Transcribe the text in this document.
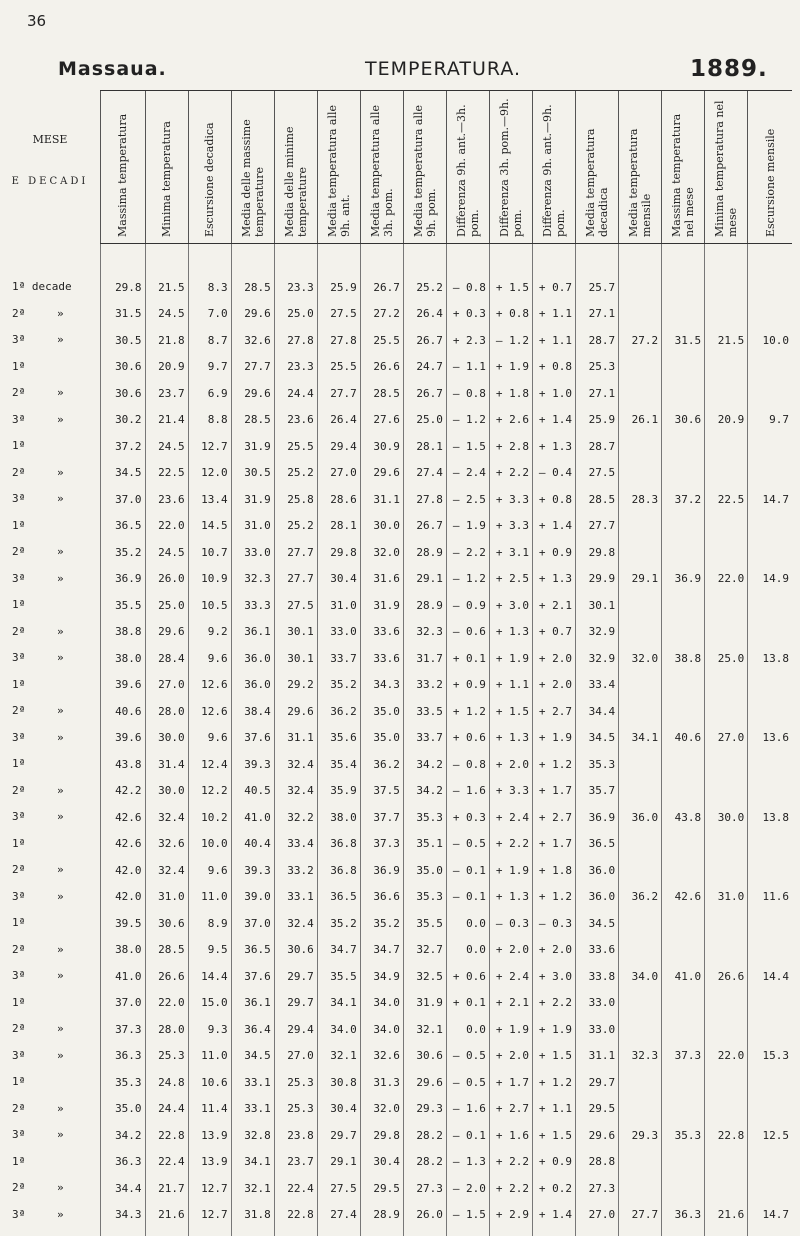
36
Massaua.	TEMPERATURA.	1889.
MESE
E DECADI	Massima temperatura	Minima temperatura	Escursione decadica	Media delle massime temperature	Media delle minime temperature	Media temperatura alle 9h. ant.	Media temperatura alle 3h. pom.	Media temperatura alle 9h. pom.	Differenza 9h. ant.—3h. pom.	Differenza 3h. pom.—9h. pom.	Differenza 9h. ant.—9h. pom.	Media temperatura decadica	Media temperatura mensile	Massima temperatura nel mese	Minima temperatura nel mese	Escursione mensile

1ª decade	29.8	21.5	8.3	28.5	23.3	25.9	26.7	25.2	— 0.8	+ 1.5	+ 0.7	25.7				

2ª »	31.5	24.5	7.0	29.6	25.0	27.5	27.2	26.4	+ 0.3	+ 0.8	+ 1.1	27.1				

3ª »	30.5	21.8	8.7	32.6	27.8	27.8	25.5	26.7	+ 2.3	— 1.2	+ 1.1	28.7	27.2	31.5	21.5	10.0

1ª	30.6	20.9	9.7	27.7	23.3	25.5	26.6	24.7	— 1.1	+ 1.9	+ 0.8	25.3				

2ª »	30.6	23.7	6.9	29.6	24.4	27.7	28.5	26.7	— 0.8	+ 1.8	+ 1.0	27.1				

3ª »	30.2	21.4	8.8	28.5	23.6	26.4	27.6	25.0	— 1.2	+ 2.6	+ 1.4	25.9	26.1	30.6	20.9	9.7

1ª	37.2	24.5	12.7	31.9	25.5	29.4	30.9	28.1	— 1.5	+ 2.8	+ 1.3	28.7				

2ª »	34.5	22.5	12.0	30.5	25.2	27.0	29.6	27.4	— 2.4	+ 2.2	— 0.4	27.5				

3ª »	37.0	23.6	13.4	31.9	25.8	28.6	31.1	27.8	— 2.5	+ 3.3	+ 0.8	28.5	28.3	37.2	22.5	14.7

1ª	36.5	22.0	14.5	31.0	25.2	28.1	30.0	26.7	— 1.9	+ 3.3	+ 1.4	27.7				

2ª »	35.2	24.5	10.7	33.0	27.7	29.8	32.0	28.9	— 2.2	+ 3.1	+ 0.9	29.8				

3ª »	36.9	26.0	10.9	32.3	27.7	30.4	31.6	29.1	— 1.2	+ 2.5	+ 1.3	29.9	29.1	36.9	22.0	14.9

1ª	35.5	25.0	10.5	33.3	27.5	31.0	31.9	28.9	— 0.9	+ 3.0	+ 2.1	30.1				

2ª »	38.8	29.6	9.2	36.1	30.1	33.0	33.6	32.3	— 0.6	+ 1.3	+ 0.7	32.9				

3ª »	38.0	28.4	9.6	36.0	30.1	33.7	33.6	31.7	+ 0.1	+ 1.9	+ 2.0	32.9	32.0	38.8	25.0	13.8

1ª	39.6	27.0	12.6	36.0	29.2	35.2	34.3	33.2	+ 0.9	+ 1.1	+ 2.0	33.4				

2ª »	40.6	28.0	12.6	38.4	29.6	36.2	35.0	33.5	+ 1.2	+ 1.5	+ 2.7	34.4				

3ª »	39.6	30.0	9.6	37.6	31.1	35.6	35.0	33.7	+ 0.6	+ 1.3	+ 1.9	34.5	34.1	40.6	27.0	13.6

1ª	43.8	31.4	12.4	39.3	32.4	35.4	36.2	34.2	— 0.8	+ 2.0	+ 1.2	35.3				

2ª »	42.2	30.0	12.2	40.5	32.4	35.9	37.5	34.2	— 1.6	+ 3.3	+ 1.7	35.7				

3ª »	42.6	32.4	10.2	41.0	32.2	38.0	37.7	35.3	+ 0.3	+ 2.4	+ 2.7	36.9	36.0	43.8	30.0	13.8

1ª	42.6	32.6	10.0	40.4	33.4	36.8	37.3	35.1	— 0.5	+ 2.2	+ 1.7	36.5				

2ª »	42.0	32.4	9.6	39.3	33.2	36.8	36.9	35.0	— 0.1	+ 1.9	+ 1.8	36.0				

3ª »	42.0	31.0	11.0	39.0	33.1	36.5	36.6	35.3	— 0.1	+ 1.3	+ 1.2	36.0	36.2	42.6	31.0	11.6

1ª	39.5	30.6	8.9	37.0	32.4	35.2	35.2	35.5	0.0	— 0.3	— 0.3	34.5				

2ª »	38.0	28.5	9.5	36.5	30.6	34.7	34.7	32.7	0.0	+ 2.0	+ 2.0	33.6				

3ª »	41.0	26.6	14.4	37.6	29.7	35.5	34.9	32.5	+ 0.6	+ 2.4	+ 3.0	33.8	34.0	41.0	26.6	14.4

1ª	37.0	22.0	15.0	36.1	29.7	34.1	34.0	31.9	+ 0.1	+ 2.1	+ 2.2	33.0				

2ª »	37.3	28.0	9.3	36.4	29.4	34.0	34.0	32.1	0.0	+ 1.9	+ 1.9	33.0				

3ª »	36.3	25.3	11.0	34.5	27.0	32.1	32.6	30.6	— 0.5	+ 2.0	+ 1.5	31.1	32.3	37.3	22.0	15.3

1ª	35.3	24.8	10.6	33.1	25.3	30.8	31.3	29.6	— 0.5	+ 1.7	+ 1.2	29.7				

2ª »	35.0	24.4	11.4	33.1	25.3	30.4	32.0	29.3	— 1.6	+ 2.7	+ 1.1	29.5				

3ª »	34.2	22.8	13.9	32.8	23.8	29.7	29.8	28.2	— 0.1	+ 1.6	+ 1.5	29.6	29.3	35.3	22.8	12.5

1ª	36.3	22.4	13.9	34.1	23.7	29.1	30.4	28.2	— 1.3	+ 2.2	+ 0.9	28.8				

2ª »	34.4	21.7	12.7	32.1	22.4	27.5	29.5	27.3	— 2.0	+ 2.2	+ 0.2	27.3				

3ª »	34.3	21.6	12.7	31.8	22.8	27.4	28.9	26.0	— 1.5	+ 2.9	+ 1.4	27.0	27.7	36.3	21.6	14.7
